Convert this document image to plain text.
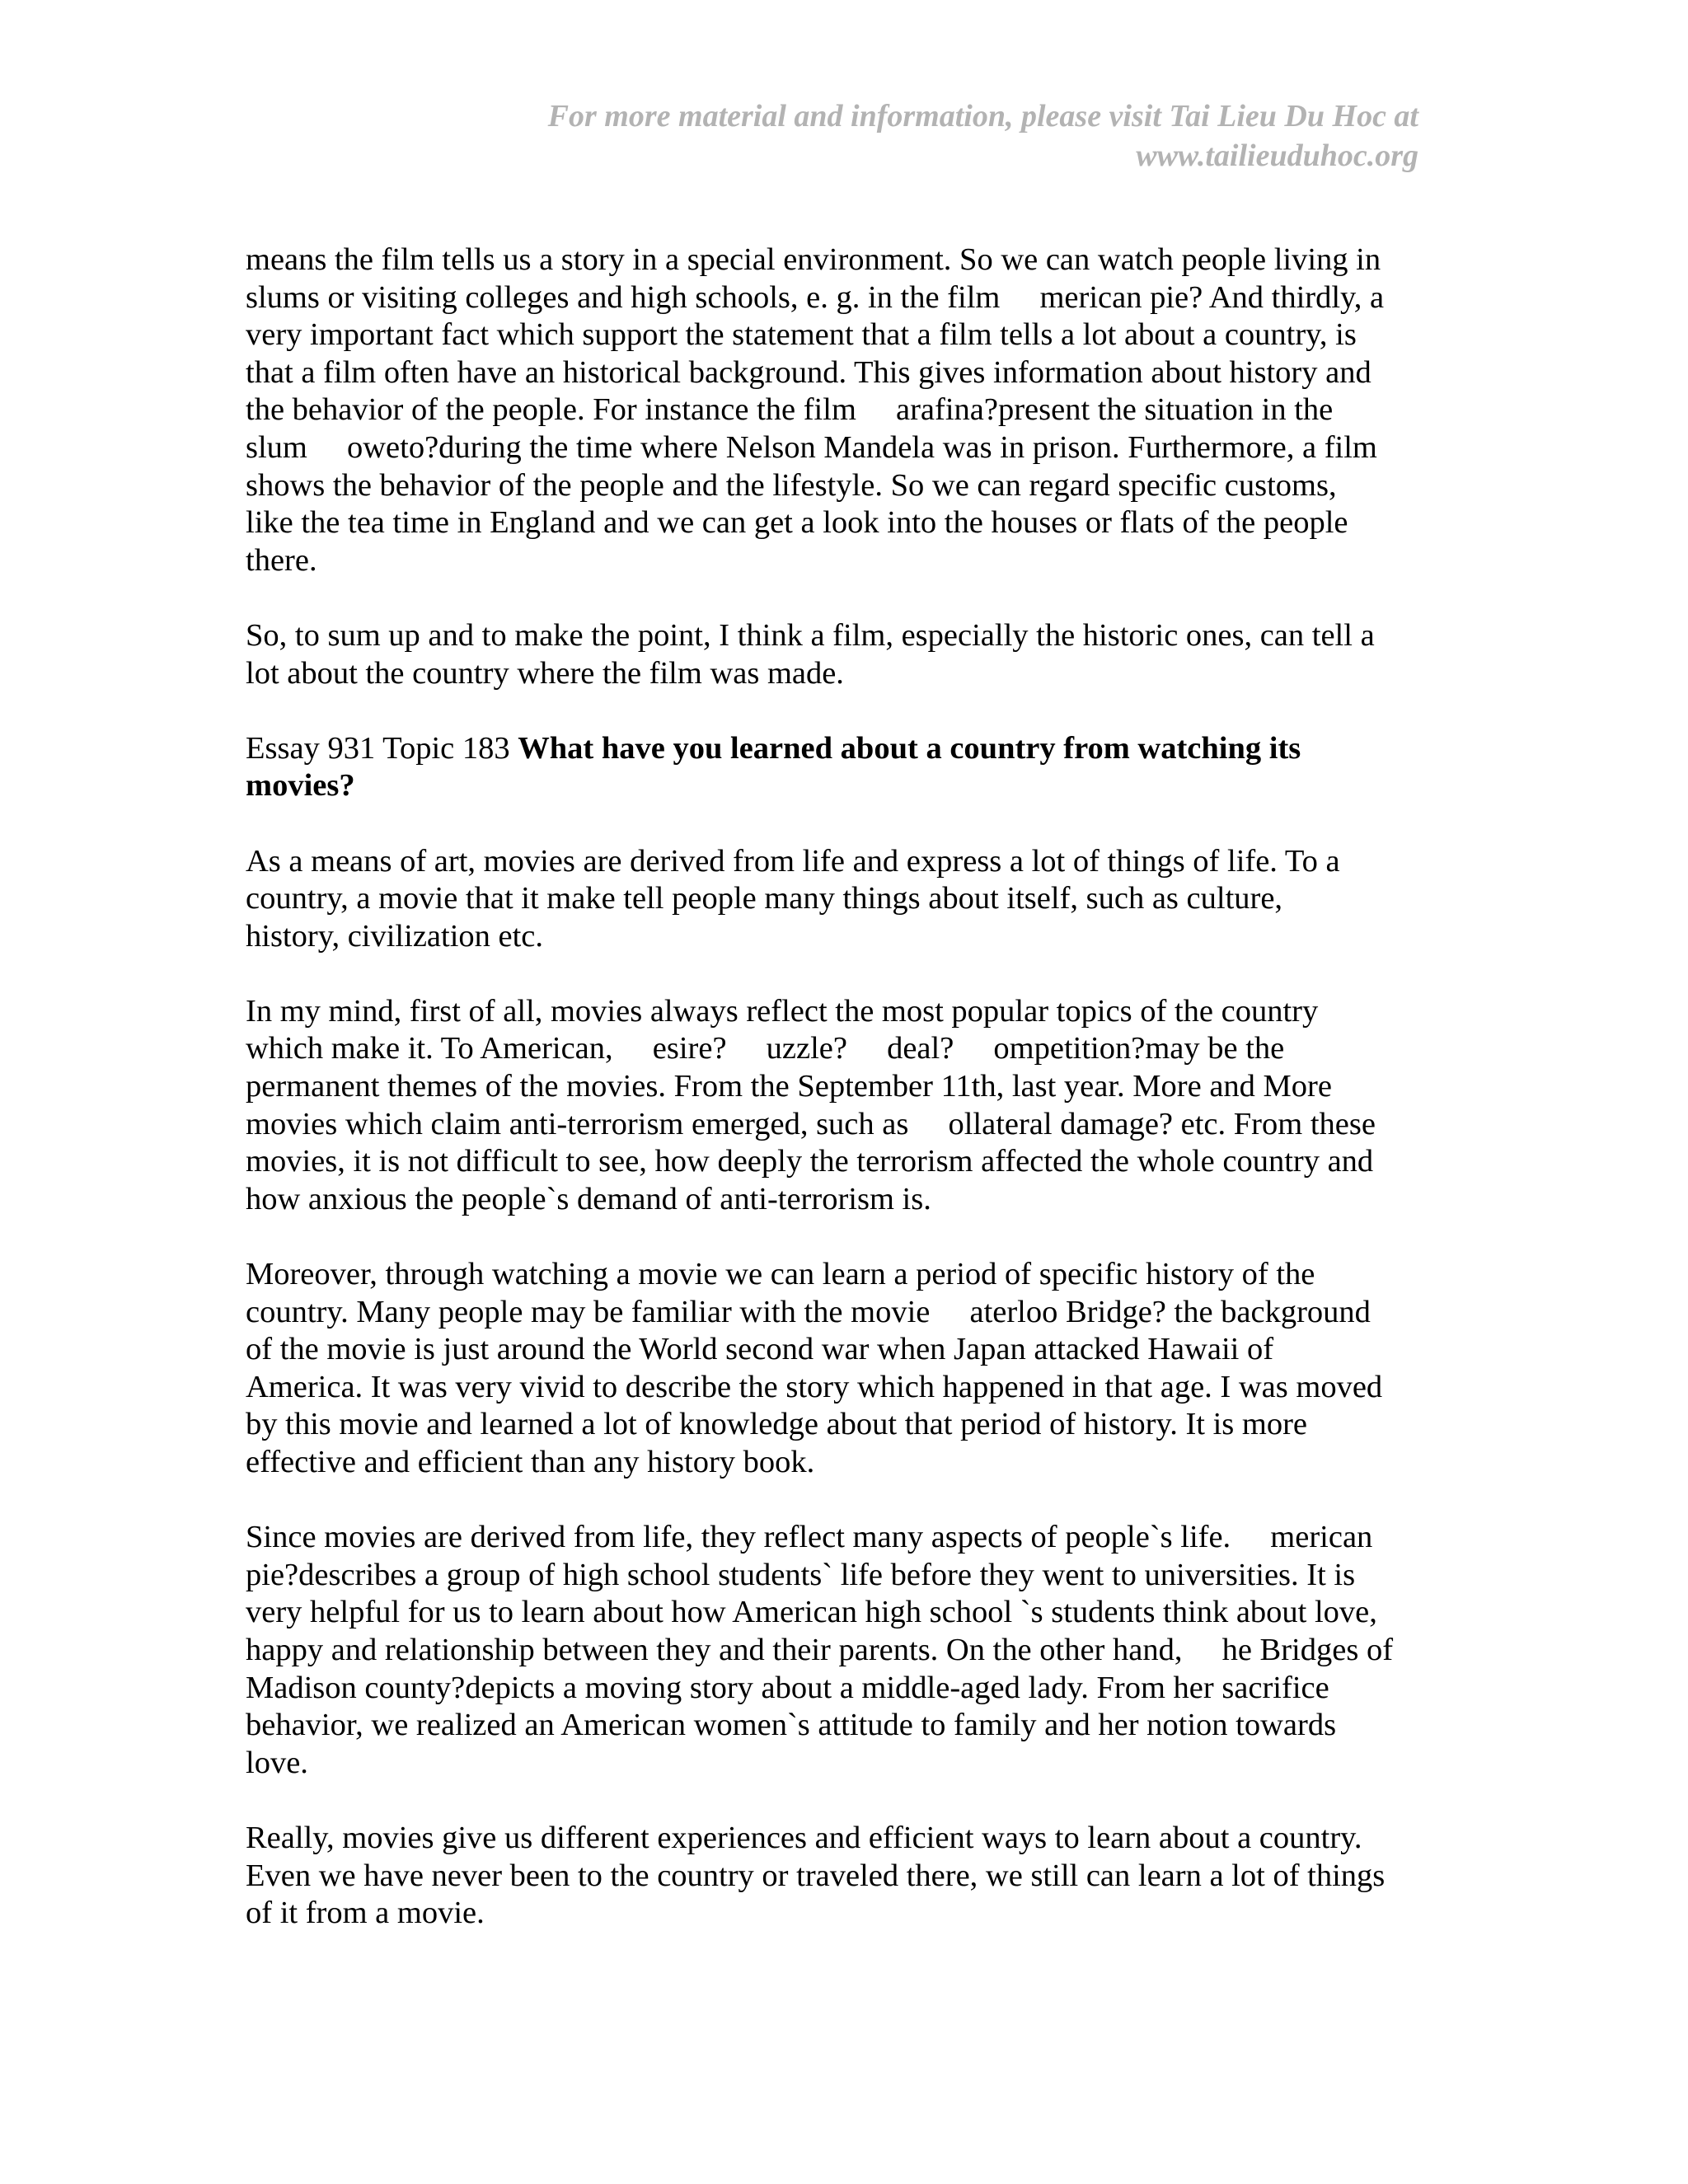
For more material and information, please visit Tai Lieu Du Hoc at
www.tailieuduhoc.org

means the film tells us a story in a special environment. So we can watch people living in
slums or visiting colleges and high schools, e. g. in the film  merican pie? And thirdly, a
very important fact which support the statement that a film tells a lot about a country, is
that a film often have an historical background. This gives information about history and
the behavior of the people. For instance the film  arafina?present the situation in the
slum  oweto?during the time where Nelson Mandela was in prison. Furthermore, a film
shows the behavior of the people and the lifestyle. So we can regard specific customs,
like the tea time in England and we can get a look into the houses or flats of the people
there.

So, to sum up and to make the point, I think a film, especially the historic ones, can tell a
lot about the country where the film was made.

Essay 931 Topic 183 What have you learned about a country from watching its
movies?

As a means of art, movies are derived from life and express a lot of things of life. To a
country, a movie that it make tell people many things about itself, such as culture,
history, civilization etc.

In my mind, first of all, movies always reflect the most popular topics of the country
which make it. To American,  esire?  uzzle?  deal?  ompetition?may be the
permanent themes of the movies. From the September 11th, last year. More and More
movies which claim anti-terrorism emerged, such as  ollateral damage? etc. From these
movies, it is not difficult to see, how deeply the terrorism affected the whole country and
how anxious the people`s demand of anti-terrorism is.

Moreover, through watching a movie we can learn a period of specific history of the
country. Many people may be familiar with the movie  aterloo Bridge? the background
of the movie is just around the World second war when Japan attacked Hawaii of
America. It was very vivid to describe the story which happened in that age. I was moved
by this movie and learned a lot of knowledge about that period of history. It is more
effective and efficient than any history book.

Since movies are derived from life, they reflect many aspects of people`s life.  merican
pie?describes a group of high school students` life before they went to universities. It is
very helpful for us to learn about how American high school `s students think about love,
happy and relationship between they and their parents. On the other hand,  he Bridges of
Madison county?depicts a moving story about a middle-aged lady. From her sacrifice
behavior, we realized an American women`s attitude to family and her notion towards
love.

Really, movies give us different experiences and efficient ways to learn about a country.
Even we have never been to the country or traveled there, we still can learn a lot of things
of it from a movie.
